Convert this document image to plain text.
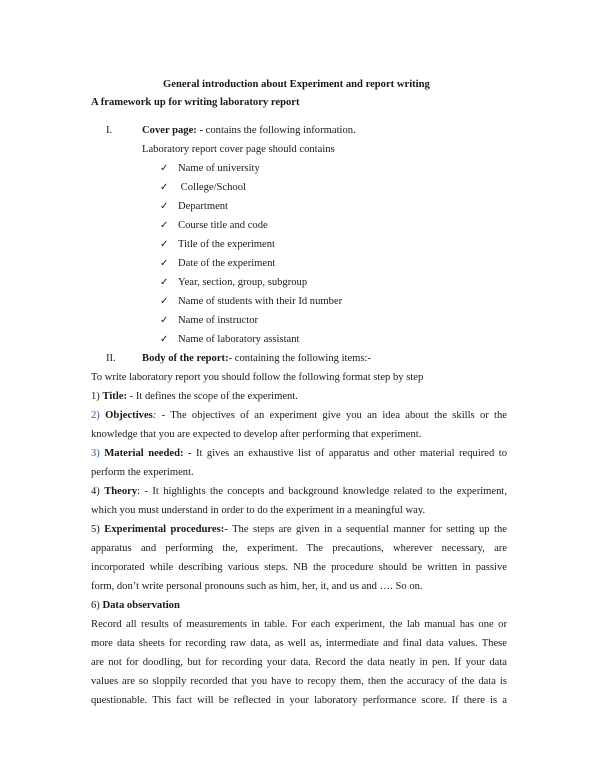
General introduction about Experiment and report writing
A framework up for writing laboratory report
I.	Cover page: - contains the following information.
Laboratory report cover page should contains
✓ Name of university
✓ College/School
✓ Department
✓ Course title and code
✓ Title of the experiment
✓ Date of the experiment
✓ Year, section, group, subgroup
✓ Name of students with their Id number
✓ Name of instructor
✓ Name of laboratory assistant
II. Body of the report:- containing the following items:-
To write laboratory report you should follow the following format step by step
1) Title: - It defines the scope of the experiment.
2) Objectives: - The objectives of an experiment give you an idea about the skills or the
knowledge that you are expected to develop after performing that experiment.
3) Material needed: - It gives an exhaustive list of apparatus and other material required to
perform the experiment.
4) Theory: - It highlights the concepts and background knowledge related to the experiment,
which you must understand in order to do the experiment in a meaningful way.
5) Experimental procedures:- The steps are given in a sequential manner for setting up the
apparatus and performing the, experiment. The precautions, wherever necessary, are
incorporated while describing various steps. NB the procedure should be written in passive
form, don’t write personal pronouns such as him, her, it, and us and …. So on.
6) Data observation
Record all results of measurements in table. For each experiment, the lab manual has one or
more data sheets for recording raw data, as well as, intermediate and final data values. These
are not for doodling, but for recording your data. Record the data neatly in pen. If your data
values are so sloppily recorded that you have to recopy them, then the accuracy of the data is
questionable. This fact will be reflected in your laboratory performance score. If there is a
